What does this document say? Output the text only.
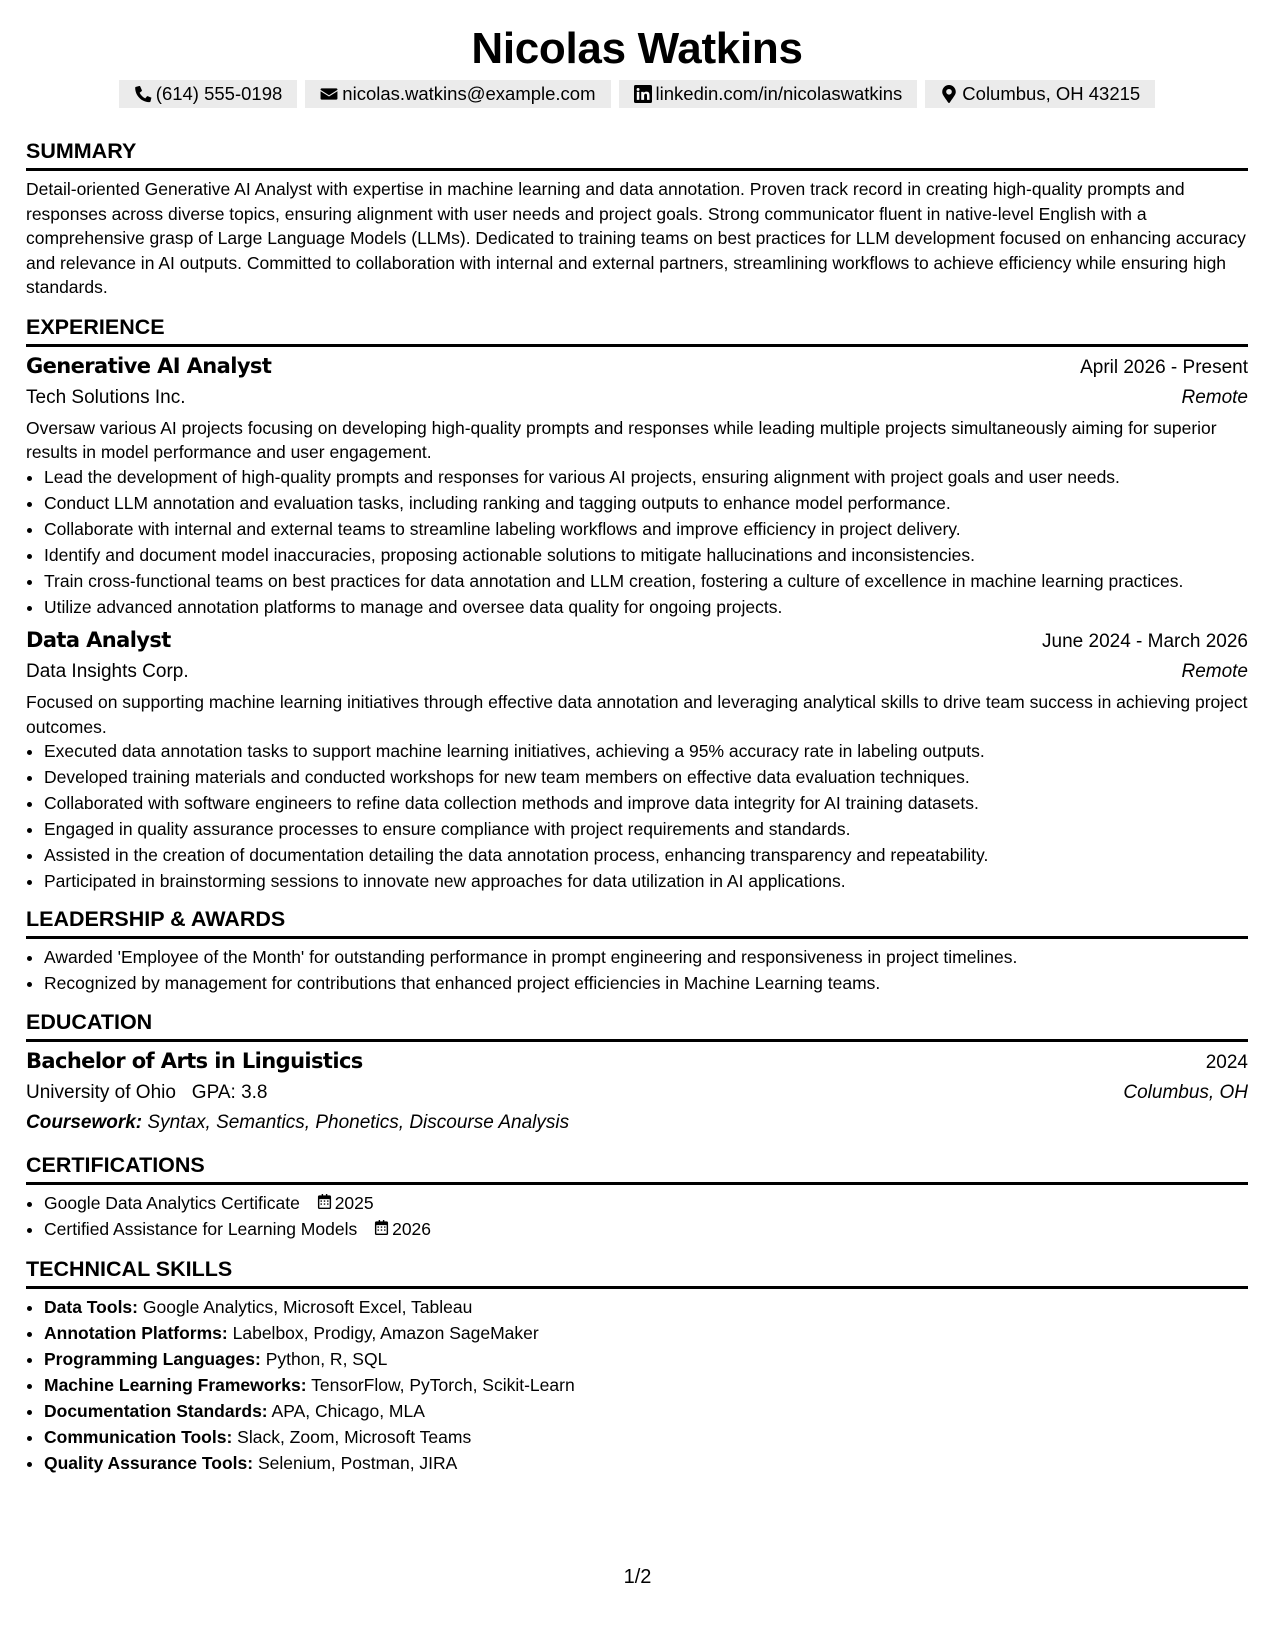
Nicolas Watkins
(614) 555-0198	nicolas.watkins@example.com	linkedin.com/in/nicolaswatkins	Columbus, OH 43215
SUMMARY
Detail-oriented Generative AI Analyst with expertise in machine learning and data annotation. Proven track record in creating high-quality prompts and responses across diverse topics, ensuring alignment with user needs and project goals. Strong communicator fluent in native-level English with a comprehensive grasp of Large Language Models (LLMs). Dedicated to training teams on best practices for LLM development focused on enhancing accuracy and relevance in AI outputs. Committed to collaboration with internal and external partners, streamlining workflows to achieve efficiency while ensuring high standards.
EXPERIENCE
Generative AI Analyst	April 2026 - Present
Tech Solutions Inc.	Remote
Oversaw various AI projects focusing on developing high-quality prompts and responses while leading multiple projects simultaneously aiming for superior results in model performance and user engagement.
• Lead the development of high-quality prompts and responses for various AI projects, ensuring alignment with project goals and user needs.
• Conduct LLM annotation and evaluation tasks, including ranking and tagging outputs to enhance model performance.
• Collaborate with internal and external teams to streamline labeling workflows and improve efficiency in project delivery.
• Identify and document model inaccuracies, proposing actionable solutions to mitigate hallucinations and inconsistencies.
• Train cross-functional teams on best practices for data annotation and LLM creation, fostering a culture of excellence in machine learning practices.
• Utilize advanced annotation platforms to manage and oversee data quality for ongoing projects.
Data Analyst	June 2024 - March 2026
Data Insights Corp.	Remote
Focused on supporting machine learning initiatives through effective data annotation and leveraging analytical skills to drive team success in achieving project outcomes.
• Executed data annotation tasks to support machine learning initiatives, achieving a 95% accuracy rate in labeling outputs.
• Developed training materials and conducted workshops for new team members on effective data evaluation techniques.
• Collaborated with software engineers to refine data collection methods and improve data integrity for AI training datasets.
• Engaged in quality assurance processes to ensure compliance with project requirements and standards.
• Assisted in the creation of documentation detailing the data annotation process, enhancing transparency and repeatability.
• Participated in brainstorming sessions to innovate new approaches for data utilization in AI applications.
LEADERSHIP & AWARDS
• Awarded 'Employee of the Month' for outstanding performance in prompt engineering and responsiveness in project timelines.
• Recognized by management for contributions that enhanced project efficiencies in Machine Learning teams.
EDUCATION
Bachelor of Arts in Linguistics	2024
University of Ohio GPA: 3.8	Columbus, OH
Coursework: Syntax, Semantics, Phonetics, Discourse Analysis
CERTIFICATIONS
• Google Data Analytics Certificate 2025
• Certified Assistance for Learning Models 2026
TECHNICAL SKILLS
• Data Tools: Google Analytics, Microsoft Excel, Tableau
• Annotation Platforms: Labelbox, Prodigy, Amazon SageMaker
• Programming Languages: Python, R, SQL
• Machine Learning Frameworks: TensorFlow, PyTorch, Scikit-Learn
• Documentation Standards: APA, Chicago, MLA
• Communication Tools: Slack, Zoom, Microsoft Teams
• Quality Assurance Tools: Selenium, Postman, JIRA
1/2
